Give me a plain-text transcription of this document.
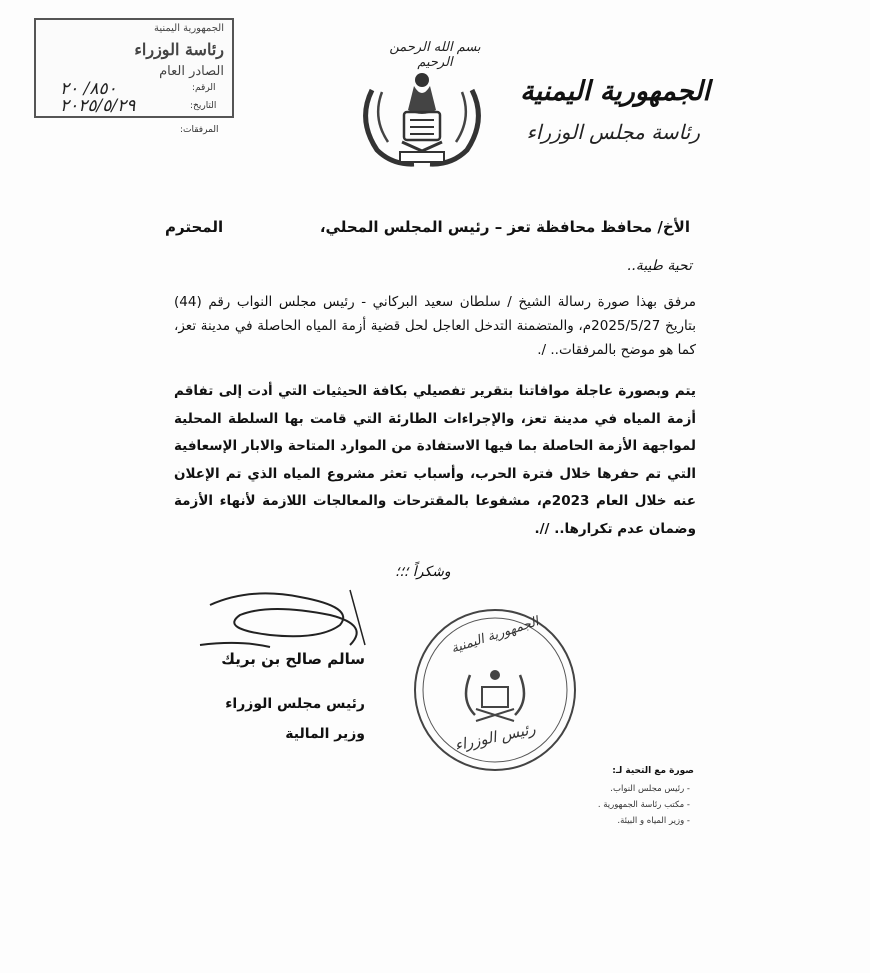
الجمهورية اليمنية
رئاسة الوزراء
الصادر العام
الرقم:
التاريخ:
المرفقات:
٨٥٠/ ٢٠
٢٠٢٥/٥/٢٩
بسم الله الرحمن الرحيم
الجمهورية اليمنية
رئاسة مجلس الوزراء
الأخ/ محافظ محافظة تعز – رئيس المجلس المحلي،
المحترم
تحية طيبة..
مرفق بهذا صورة رسالة الشيخ / سلطان سعيد البركاني - رئيس مجلس النواب رقم (44) بتاريخ 2025/5/27م، والمتضمنة التدخل العاجل لحل قضية أزمة المياه الحاصلة في مدينة تعز، كما هو موضح بالمرفقات.. /.
يتم وبصورة عاجلة موافاتنا بتقرير تفصيلي بكافة الحيثيات التي أدت إلى تفاقم أزمة المياه في مدينة تعز، والإجراءات الطارئة التي قامت بها السلطة المحلية لمواجهة الأزمة الحاصلة بما فيها الاستفادة من الموارد المتاحة والابار الإسعافية التي تم حفرها خلال فترة الحرب، وأسباب تعثر مشروع المياه الذي تم الإعلان عنه خلال العام 2023م، مشفوعا بالمقترحات والمعالجات اللازمة لأنهاء الأزمة وضمان عدم تكرارها.. //.
وشكراً ؛؛؛
سالم صالح بن بريك
رئيس مجلس الوزراء
وزير المالية
الجمهورية اليمنية
رئيس الوزراء
صورة مع التحية لـ:
- رئيس مجلس النواب.
- مكتب رئاسة الجمهورية .
- وزير المياه و البيئة.
